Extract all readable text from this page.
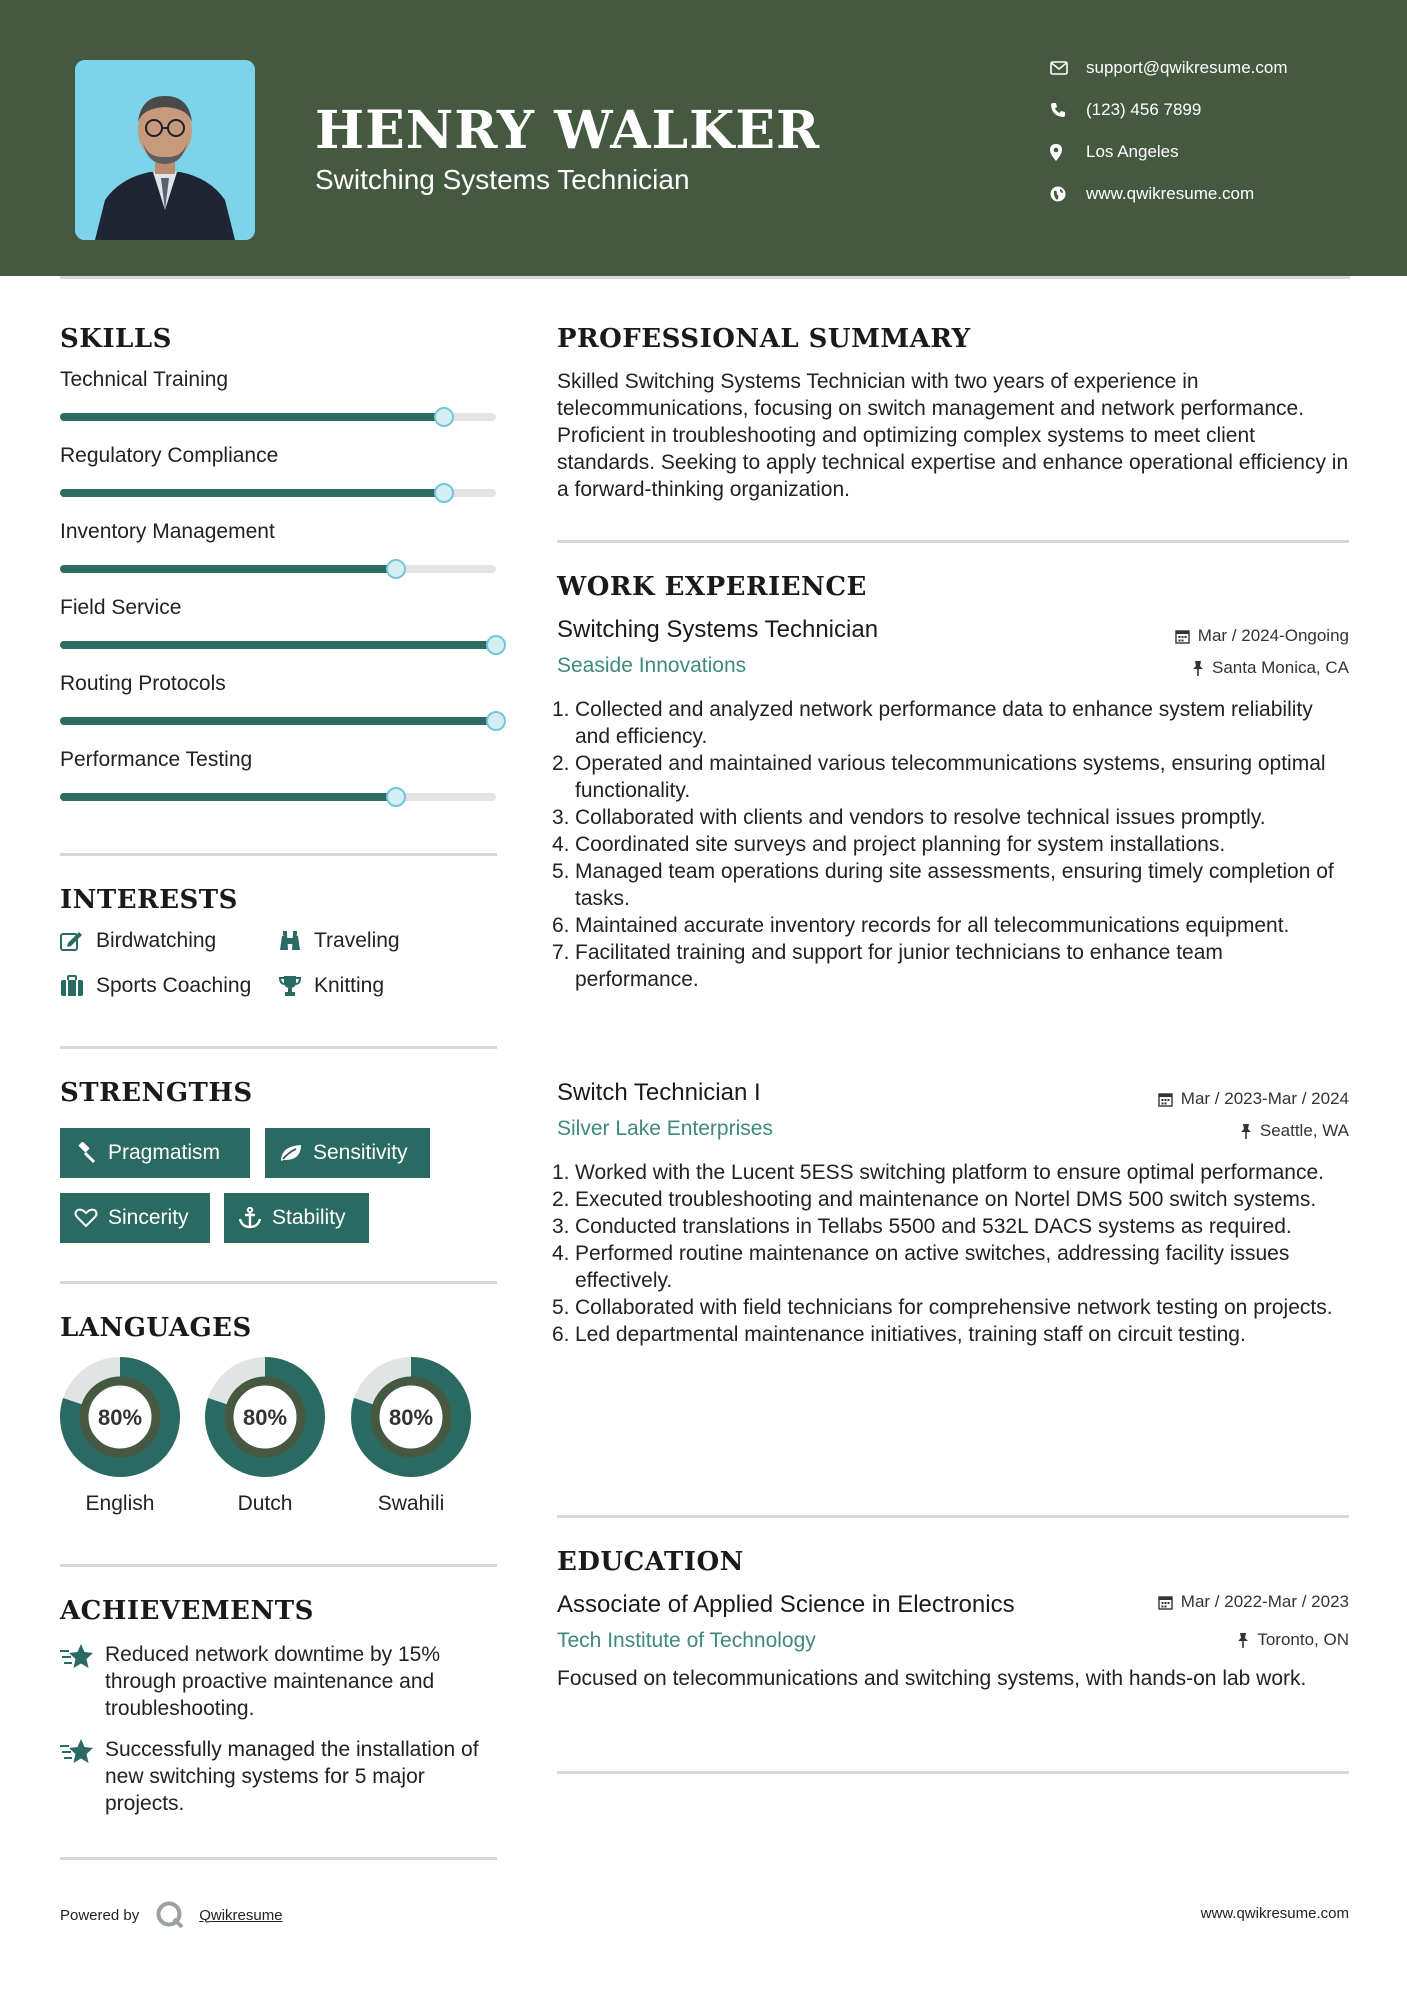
HENRY WALKER
Switching Systems Technician
support@qwikresume.com
(123) 456 7899
Los Angeles
www.qwikresume.com
SKILLS
Technical Training
Regulatory Compliance
Inventory Management
Field Service
Routing Protocols
Performance Testing
INTERESTS
Birdwatching	Traveling
Sports Coaching	Knitting
STRENGTHS
Pragmatism	Sensitivity
Sincerity	Stability
LANGUAGES
80%
English
80%
Dutch
80%
Swahili
ACHIEVEMENTS
Reduced network downtime by 15% through proactive maintenance and troubleshooting.
Successfully managed the installation of new switching systems for 5 major projects.
PROFESSIONAL SUMMARY
Skilled Switching Systems Technician with two years of experience in telecommunications, focusing on switch management and network performance. Proficient in troubleshooting and optimizing complex systems to meet client standards. Seeking to apply technical expertise and enhance operational efficiency in a forward-thinking organization.
WORK EXPERIENCE
Switching Systems Technician	Mar / 2024-Ongoing
Seaside Innovations	Santa Monica, CA
1. Collected and analyzed network performance data to enhance system reliability and efficiency.
2. Operated and maintained various telecommunications systems, ensuring optimal functionality.
3. Collaborated with clients and vendors to resolve technical issues promptly.
4. Coordinated site surveys and project planning for system installations.
5. Managed team operations during site assessments, ensuring timely completion of tasks.
6. Maintained accurate inventory records for all telecommunications equipment.
7. Facilitated training and support for junior technicians to enhance team performance.
Switch Technician I	Mar / 2023-Mar / 2024
Silver Lake Enterprises	Seattle, WA
1. Worked with the Lucent 5ESS switching platform to ensure optimal performance.
2. Executed troubleshooting and maintenance on Nortel DMS 500 switch systems.
3. Conducted translations in Tellabs 5500 and 532L DACS systems as required.
4. Performed routine maintenance on active switches, addressing facility issues effectively.
5. Collaborated with field technicians for comprehensive network testing on projects.
6. Led departmental maintenance initiatives, training staff on circuit testing.
EDUCATION
Associate of Applied Science in Electronics	Mar / 2022-Mar / 2023
Tech Institute of Technology	Toronto, ON
Focused on telecommunications and switching systems, with hands-on lab work.
Powered by	Qwikresume	www.qwikresume.com
